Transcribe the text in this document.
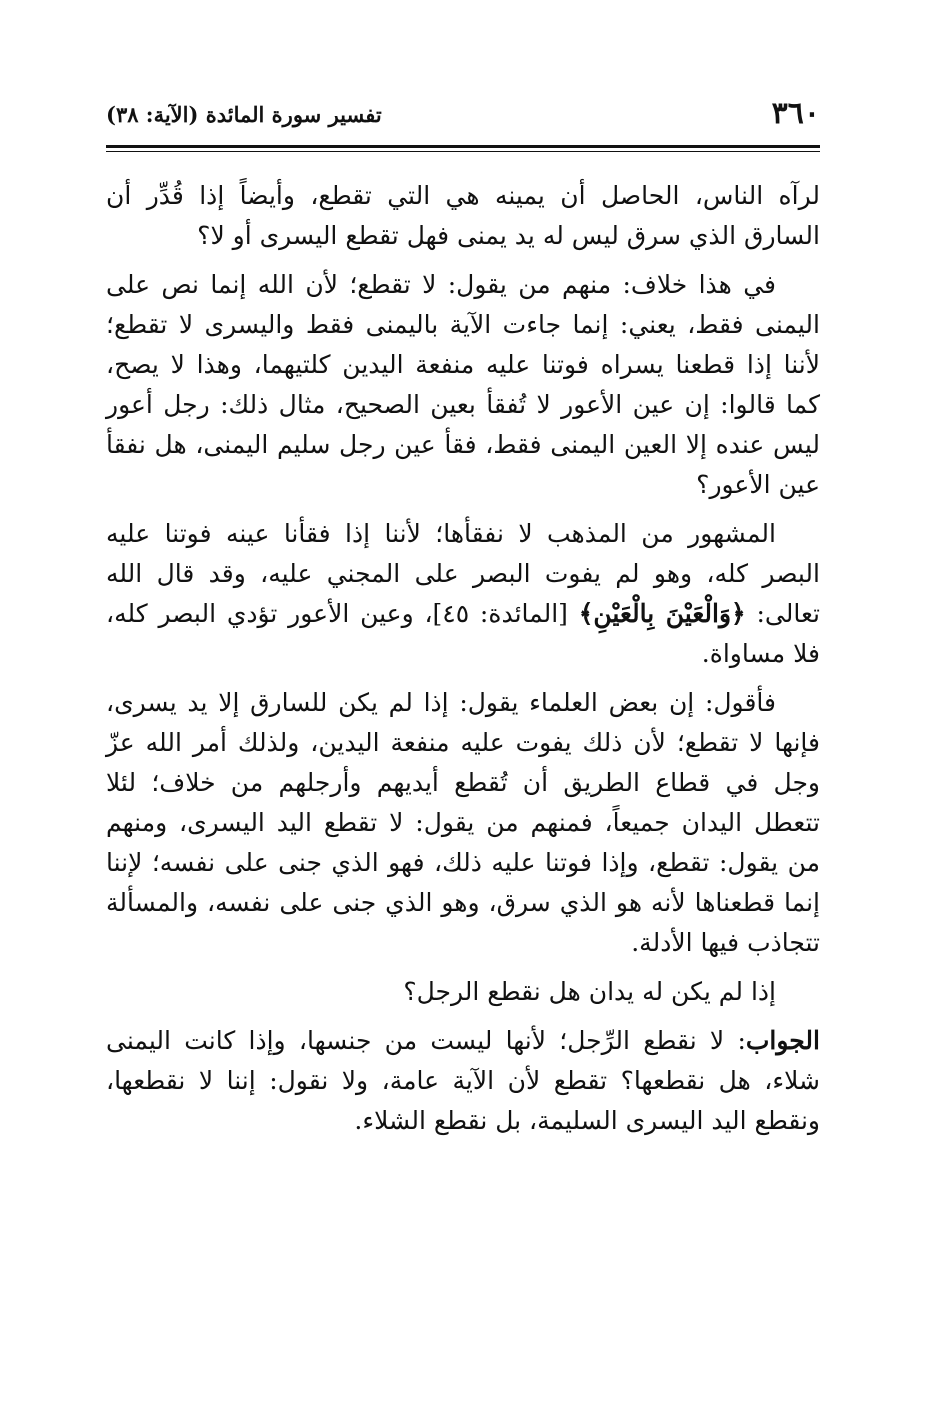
٣٦٠
تفسير سورة المائدة (الآية: ٣٨)

لرآه الناس، الحاصل أن يمينه هي التي تقطع، وأيضاً إذا قُدِّر أن السارق الذي سرق ليس له يد يمنى فهل تقطع اليسرى أو لا؟

في هذا خلاف: منهم من يقول: لا تقطع؛ لأن الله إنما نص على اليمنى فقط، يعني: إنما جاءت الآية باليمنى فقط واليسرى لا تقطع؛ لأننا إذا قطعنا يسراه فوتنا عليه منفعة اليدين كلتيهما، وهذا لا يصح، كما قالوا: إن عين الأعور لا تُفقأ بعين الصحيح، مثال ذلك: رجل أعور ليس عنده إلا العين اليمنى فقط، فقأ عين رجل سليم اليمنى، هل نفقأ عين الأعور؟

المشهور من المذهب لا نفقأها؛ لأننا إذا فقأنا عينه فوتنا عليه البصر كله، وهو لم يفوت البصر على المجني عليه، وقد قال الله تعالى: ﴿وَالْعَيْنَ بِالْعَيْنِ﴾ [المائدة: ٤٥]، وعين الأعور تؤدي البصر كله، فلا مساواة.

فأقول: إن بعض العلماء يقول: إذا لم يكن للسارق إلا يد يسرى، فإنها لا تقطع؛ لأن ذلك يفوت عليه منفعة اليدين، ولذلك أمر الله عزّ وجل في قطاع الطريق أن تُقطع أيديهم وأرجلهم من خلاف؛ لئلا تتعطل اليدان جميعاً، فمنهم من يقول: لا تقطع اليد اليسرى، ومنهم من يقول: تقطع، وإذا فوتنا عليه ذلك، فهو الذي جنى على نفسه؛ لإننا إنما قطعناها لأنه هو الذي سرق، وهو الذي جنى على نفسه، والمسألة تتجاذب فيها الأدلة.

إذا لم يكن له يدان هل نقطع الرجل؟

الجواب: لا نقطع الرِّجل؛ لأنها ليست من جنسها، وإذا كانت اليمنى شلاء، هل نقطعها؟ تقطع لأن الآية عامة، ولا نقول: إننا لا نقطعها، ونقطع اليد اليسرى السليمة، بل نقطع الشلاء.
